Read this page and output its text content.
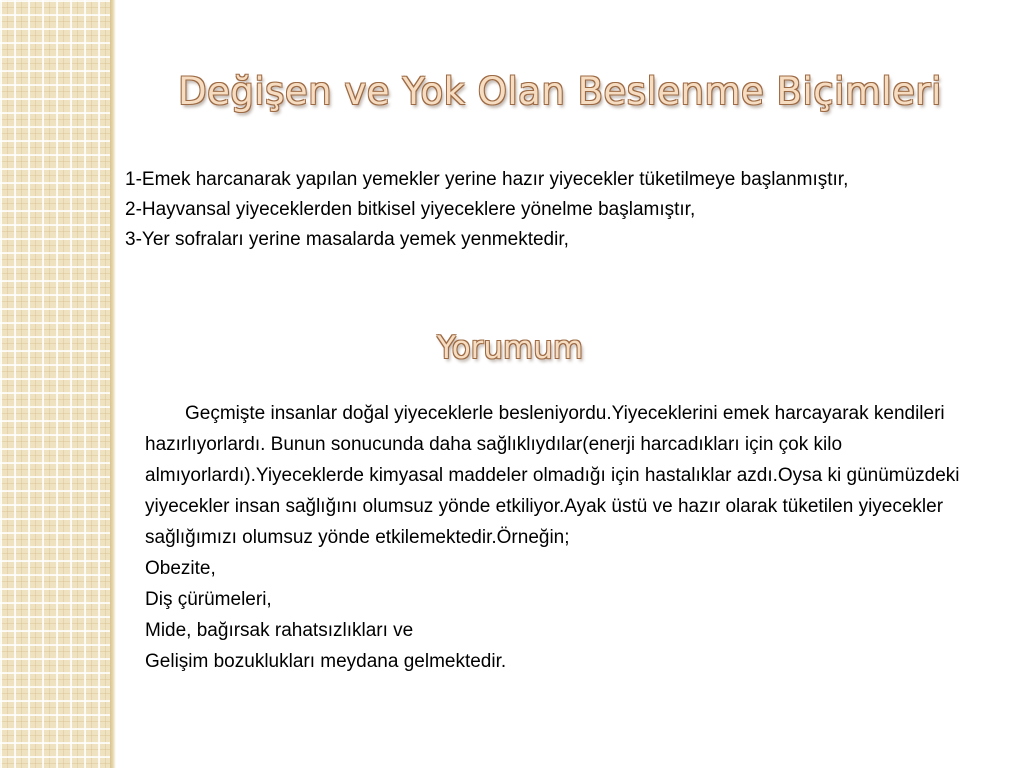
Değişen ve Yok Olan Beslenme Biçimleri
1-Emek harcanarak yapılan yemekler yerine hazır yiyecekler tüketilmeye başlanmıştır,
2-Hayvansal yiyeceklerden bitkisel yiyeceklere yönelme başlamıştır,
3-Yer sofraları yerine masalarda yemek yenmektedir,
Yorumum

Geçmişte insanlar doğal yiyeceklerle besleniyordu.Yiyeceklerini emek harcayarak kendileri hazırlıyorlardı. Bunun sonucunda daha sağlıklıydılar(enerji harcadıkları için çok kilo almıyorlardı).Yiyeceklerde kimyasal maddeler olmadığı için hastalıklar azdı.Oysa ki günümüzdeki yiyecekler insan sağlığını olumsuz yönde etkiliyor.Ayak üstü ve hazır olarak tüketilen yiyecekler sağlığımızı olumsuz yönde etkilemektedir.Örneğin;

Obezite,

Diş çürümeleri,

Mide, bağırsak rahatsızlıkları ve

Gelişim bozuklukları meydana gelmektedir.
